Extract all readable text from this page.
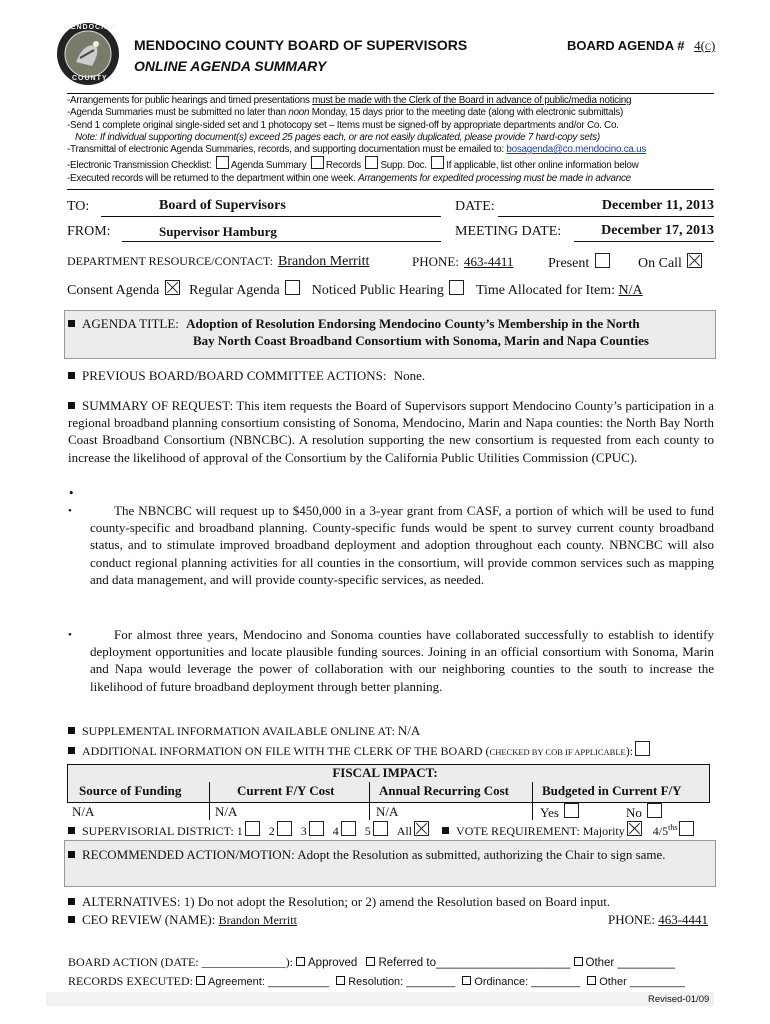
MENDOCINO
COUNTY
MENDOCINO COUNTY BOARD OF SUPERVISORS
ONLINE AGENDA SUMMARY
BOARD AGENDA # 4(c)
-Arrangements for public hearings and timed presentations must be made with the Clerk of the Board in advance of public/media noticing
-Agenda Summaries must be submitted no later than noon Monday, 15 days prior to the meeting date (along with electronic submittals)
-Send 1 complete original single-sided set and 1 photocopy set – Items must be signed-off by appropriate departments and/or Co. Co.
Note: If individual supporting document(s) exceed 25 pages each, or are not easily duplicated, please provide 7 hard-copy sets)
-Transmittal of electronic Agenda Summaries, records, and supporting documentation must be emailed to: bosagenda@co.mendocino.ca.us
-Electronic Transmission Checklist: Agenda Summary Records Supp. Doc. If applicable, list other online information below
-Executed records will be returned to the department within one week. Arrangements for expedited processing must be made in advance
TO:	Board of Supervisors	DATE:	December 11, 2013
FROM:	Supervisor Hamburg	MEETING DATE:	December 17, 2013
DEPARTMENT RESOURCE/CONTACT: Brandon Merritt	PHONE: 463-4411 Present	On Call
Consent Agenda Regular Agenda Noticed Public Hearing Time Allocated for Item: N/A
AGENDA TITLE: Adoption of Resolution Endorsing Mendocino County’s Membership in the North
Bay North Coast Broadband Consortium with Sonoma, Marin and Napa Counties
PREVIOUS BOARD/BOARD COMMITTEE ACTIONS: None.

SUMMARY OF REQUEST: This item requests the Board of Supervisors support Mendocino County’s participation in a regional broadband planning consortium consisting of Sonoma, Mendocino, Marin and Napa counties: the North Bay North Coast Broadband Consortium (NBNCBC). A resolution supporting the new consortium is requested from each county to increase the likelihood of approval of the Consortium by the California Public Utilities Commission (CPUC).

•
•	The NBNCBC will request up to $450,000 in a 3-year grant from CASF, a portion of which will be used to fund county-specific and broadband planning. County-specific funds would be spent to survey current county broadband status, and to stimulate improved broadband deployment and adoption throughout each county. NBNCBC will also conduct regional planning activities for all counties in the consortium, will provide common services such as mapping and data management, and will provide county-specific services, as needed.

•	For almost three years, Mendocino and Sonoma counties have collaborated successfully to establish to identify deployment opportunities and locate plausible funding sources. Joining in an official consortium with Sonoma, Marin and Napa would leverage the power of collaboration with our neighboring counties to the south to increase the likelihood of future broadband deployment through better planning.

SUPPLEMENTAL INFORMATION AVAILABLE ONLINE AT: N/A
ADDITIONAL INFORMATION ON FILE WITH THE CLERK OF THE BOARD (CHECKED BY COB IF APPLICABLE):
FISCAL IMPACT:
Source of Funding	Current F/Y Cost	Annual Recurring Cost	Budgeted in Current F/Y
N/A	N/A	N/A	Yes	No
SUPERVISORIAL DISTRICT: 1 2 3 4 5 All	VOTE REQUIREMENT: Majority $4/5^{ths}$

RECOMMENDED ACTION/MOTION: Adopt the Resolution as submitted, authorizing the Chair to sign same.

ALTERNATIVES: 1) Do not adopt the Resolution; or 2) amend the Resolution based on Board input.
CEO REVIEW (NAME): Brandon Merritt	PHONE: 463-4441
BOARD ACTION (DATE: ______________): Approved Referred to_____________________ Other _________
RECORDS EXECUTED: Agreement: __________ Resolution: ________ Ordinance: ________ Other _________
Revised-01/09
